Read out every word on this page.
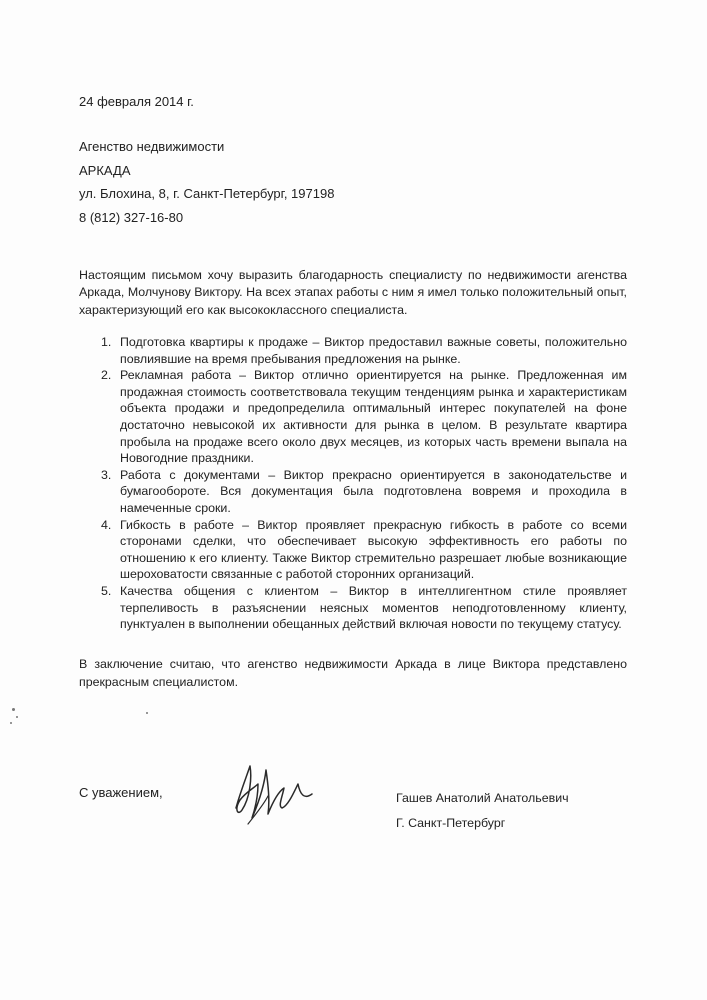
24 февраля 2014 г.
Агенство недвижимости
АРКАДА
ул. Блохина, 8, г. Санкт-Петербург, 197198
8 (812) 327-16-80
Настоящим письмом хочу выразить благодарность специалисту по недвижимости агенства Аркада, Молчунову Виктору. На всех этапах работы с ним я имел только положительный опыт, характеризующий его как высококлассного специалиста.
1. Подготовка квартиры к продаже – Виктор предоставил важные советы, положительно повлиявшие на время пребывания предложения на рынке.
2. Рекламная работа – Виктор отлично ориентируется на рынке. Предложенная им продажная стоимость соответствовала текущим тенденциям рынка и характеристикам объекта продажи и предопределила оптимальный интерес покупателей на фоне достаточно невысокой их активности для рынка в целом. В результате квартира пробыла на продаже всего около двух месяцев, из которых часть времени выпала на Новогодние праздники.
3. Работа с документами – Виктор прекрасно ориентируется в законодательстве и бумагообороте. Вся документация была подготовлена вовремя и проходила в намеченные сроки.
4. Гибкость в работе – Виктор проявляет прекрасную гибкость в работе со всеми сторонами сделки, что обеспечивает высокую эффективность его работы по отношению к его клиенту. Также Виктор стремительно разрешает любые возникающие шероховатости связанные с работой сторонних организаций.
5. Качества общения с клиентом – Виктор в интеллигентном стиле проявляет терпеливость в разъяснении неясных моментов неподготовленному клиенту, пунктуален в выполнении обещанных действий включая новости по текущему статусу.
В заключение считаю, что агенство недвижимости Аркада в лице Виктора представлено прекрасным специалистом.
С уважением,	Гашев Анатолий Анатольевич
Г. Санкт-Петербург
